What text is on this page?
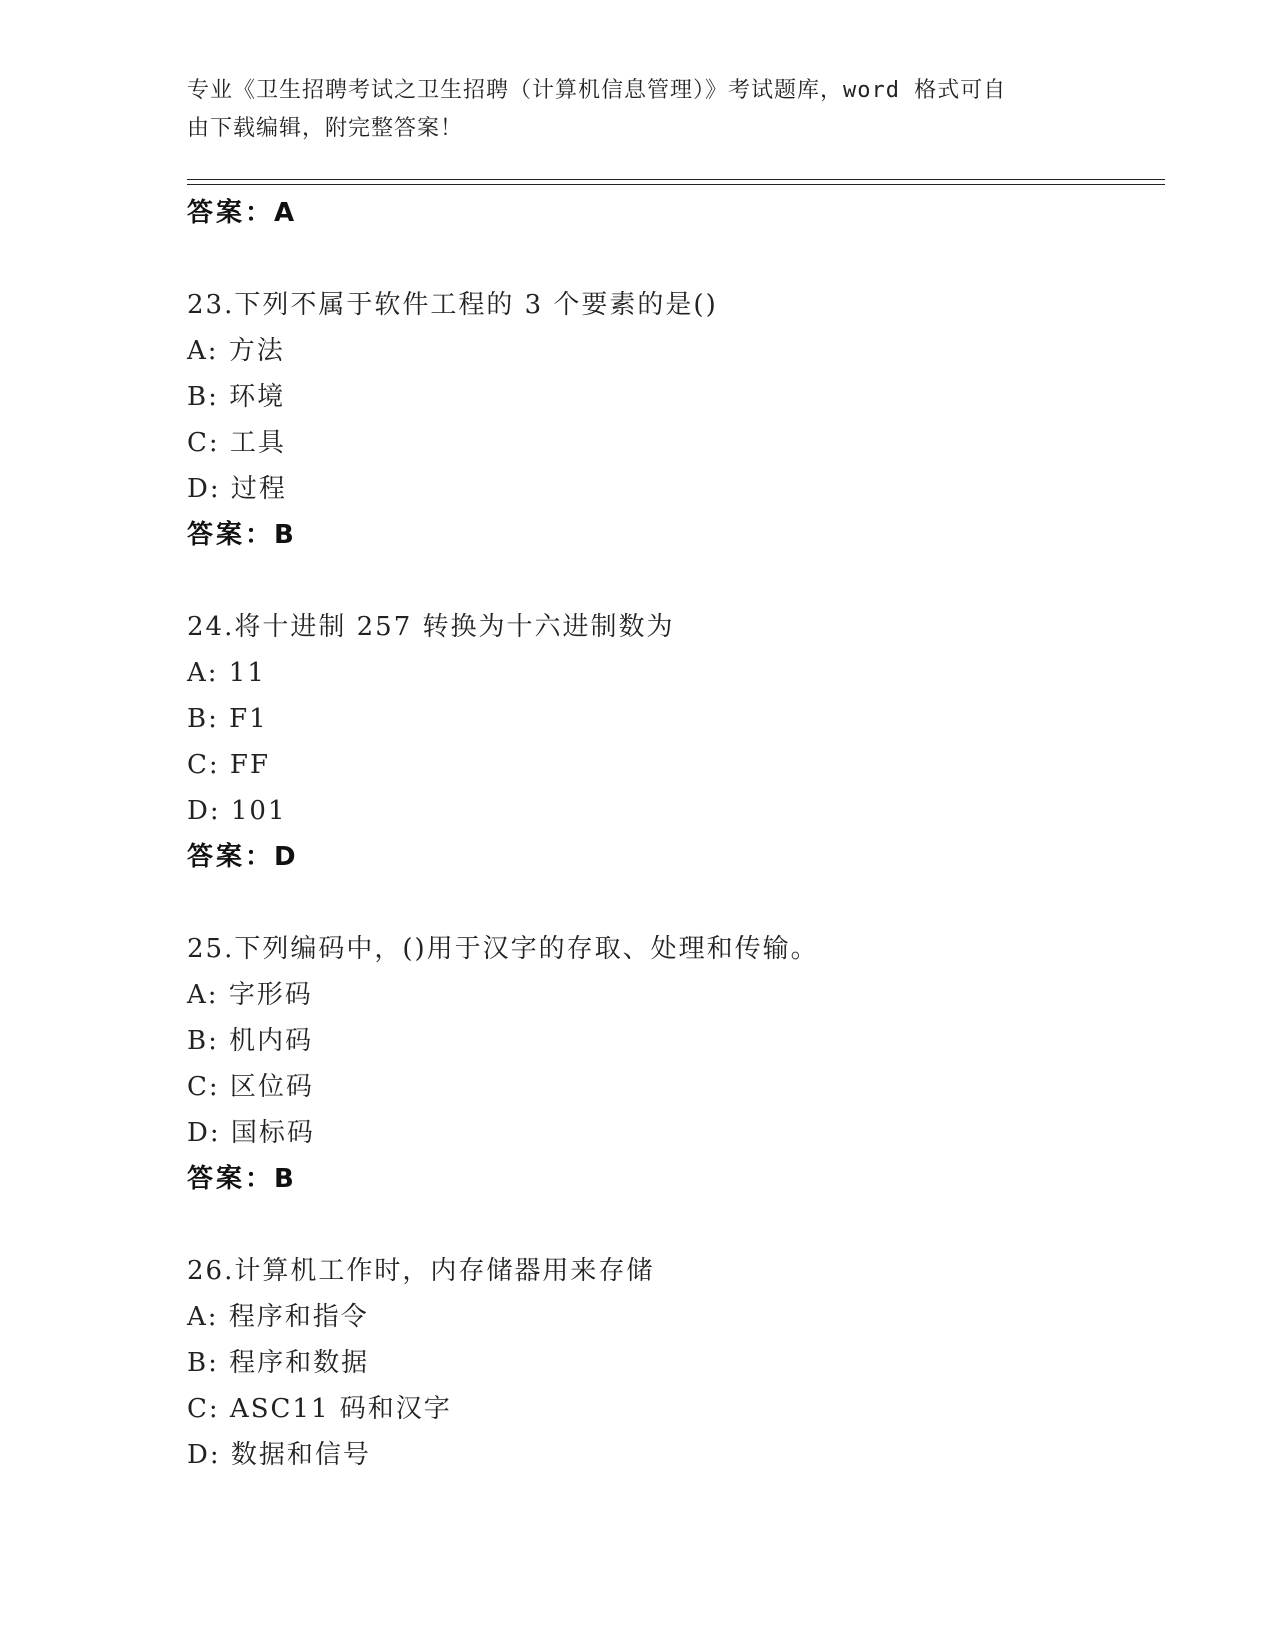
专业《卫生招聘考试之卫生招聘（计算机信息管理）》考试题库，word 格式可自
由下载编辑，附完整答案！
答案：A
23.下列不属于软件工程的 3 个要素的是()
A: 方法
B: 环境
C: 工具
D: 过程
答案：B
24.将十进制 257 转换为十六进制数为
A: 11
B: F1
C: FF
D: 101
答案：D
25.下列编码中，()用于汉字的存取、处理和传输。
A: 字形码
B: 机内码
C: 区位码
D: 国标码
答案：B
26.计算机工作时，内存储器用来存储
A: 程序和指令
B: 程序和数据
C: ASC11 码和汉字
D: 数据和信号
